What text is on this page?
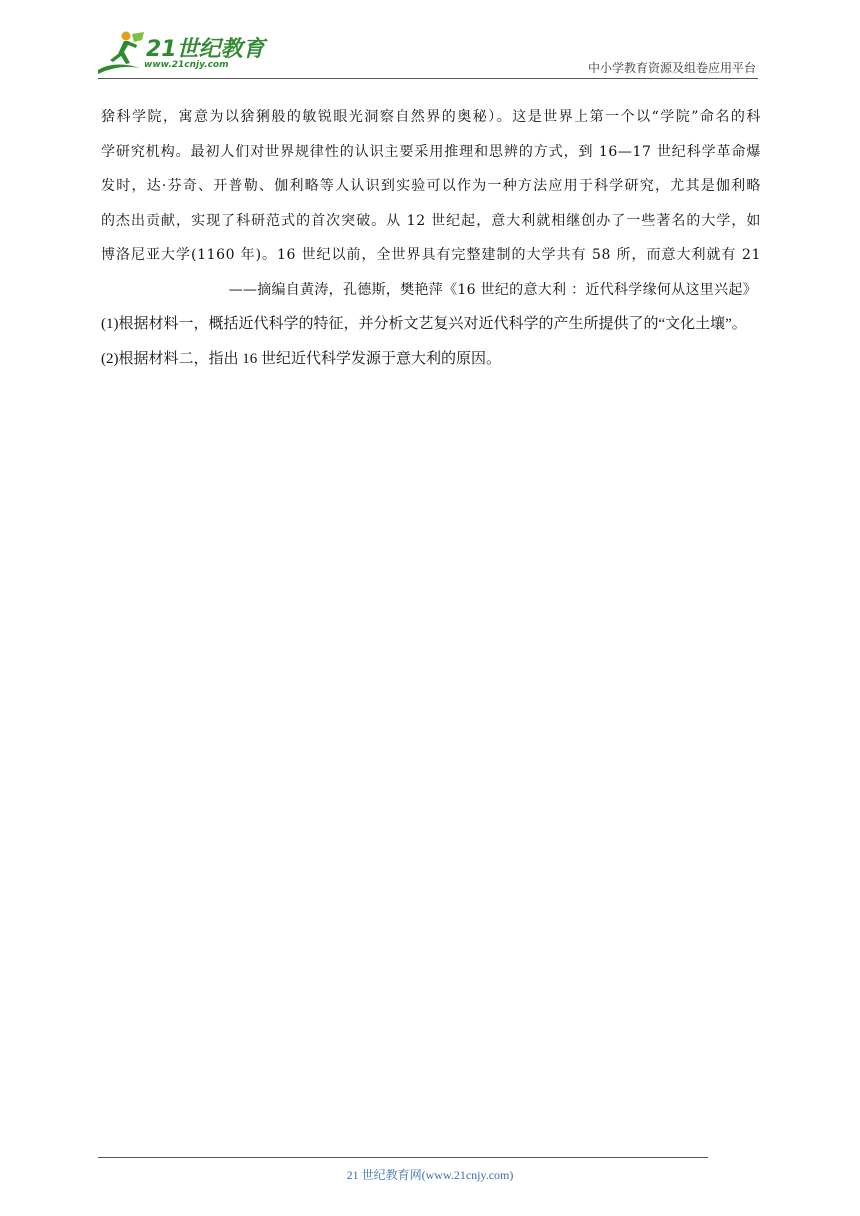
21世纪教育
www.21cnjy.com	中小学教育资源及组卷应用平台
猞科学院，寓意为以猞猁般的敏锐眼光洞察自然界的奥秘）。这是世界上第一个以“学院”命名的科
学研究机构。最初人们对世界规律性的认识主要采用推理和思辨的方式，到 16—17 世纪科学革命爆
发时，达·芬奇、开普勒、伽利略等人认识到实验可以作为一种方法应用于科学研究，尤其是伽利略
的杰出贡献，实现了科研范式的首次突破。从 12 世纪起，意大利就相继创办了一些著名的大学，如
博洛尼亚大学(1160 年)。16 世纪以前，全世界具有完整建制的大学共有 58 所，而意大利就有 21
——摘编自黄涛，孔德斯，樊艳萍《16 世纪的意大利 ：近代科学缘何从这里兴起》
(1)根据材料一，概括近代科学的特征，并分析文艺复兴对近代科学的产生所提供了的“文化土壤”。
(2)根据材料二，指出 16 世纪近代科学发源于意大利的原因。
21 世纪教育网(www.21cnjy.com)
